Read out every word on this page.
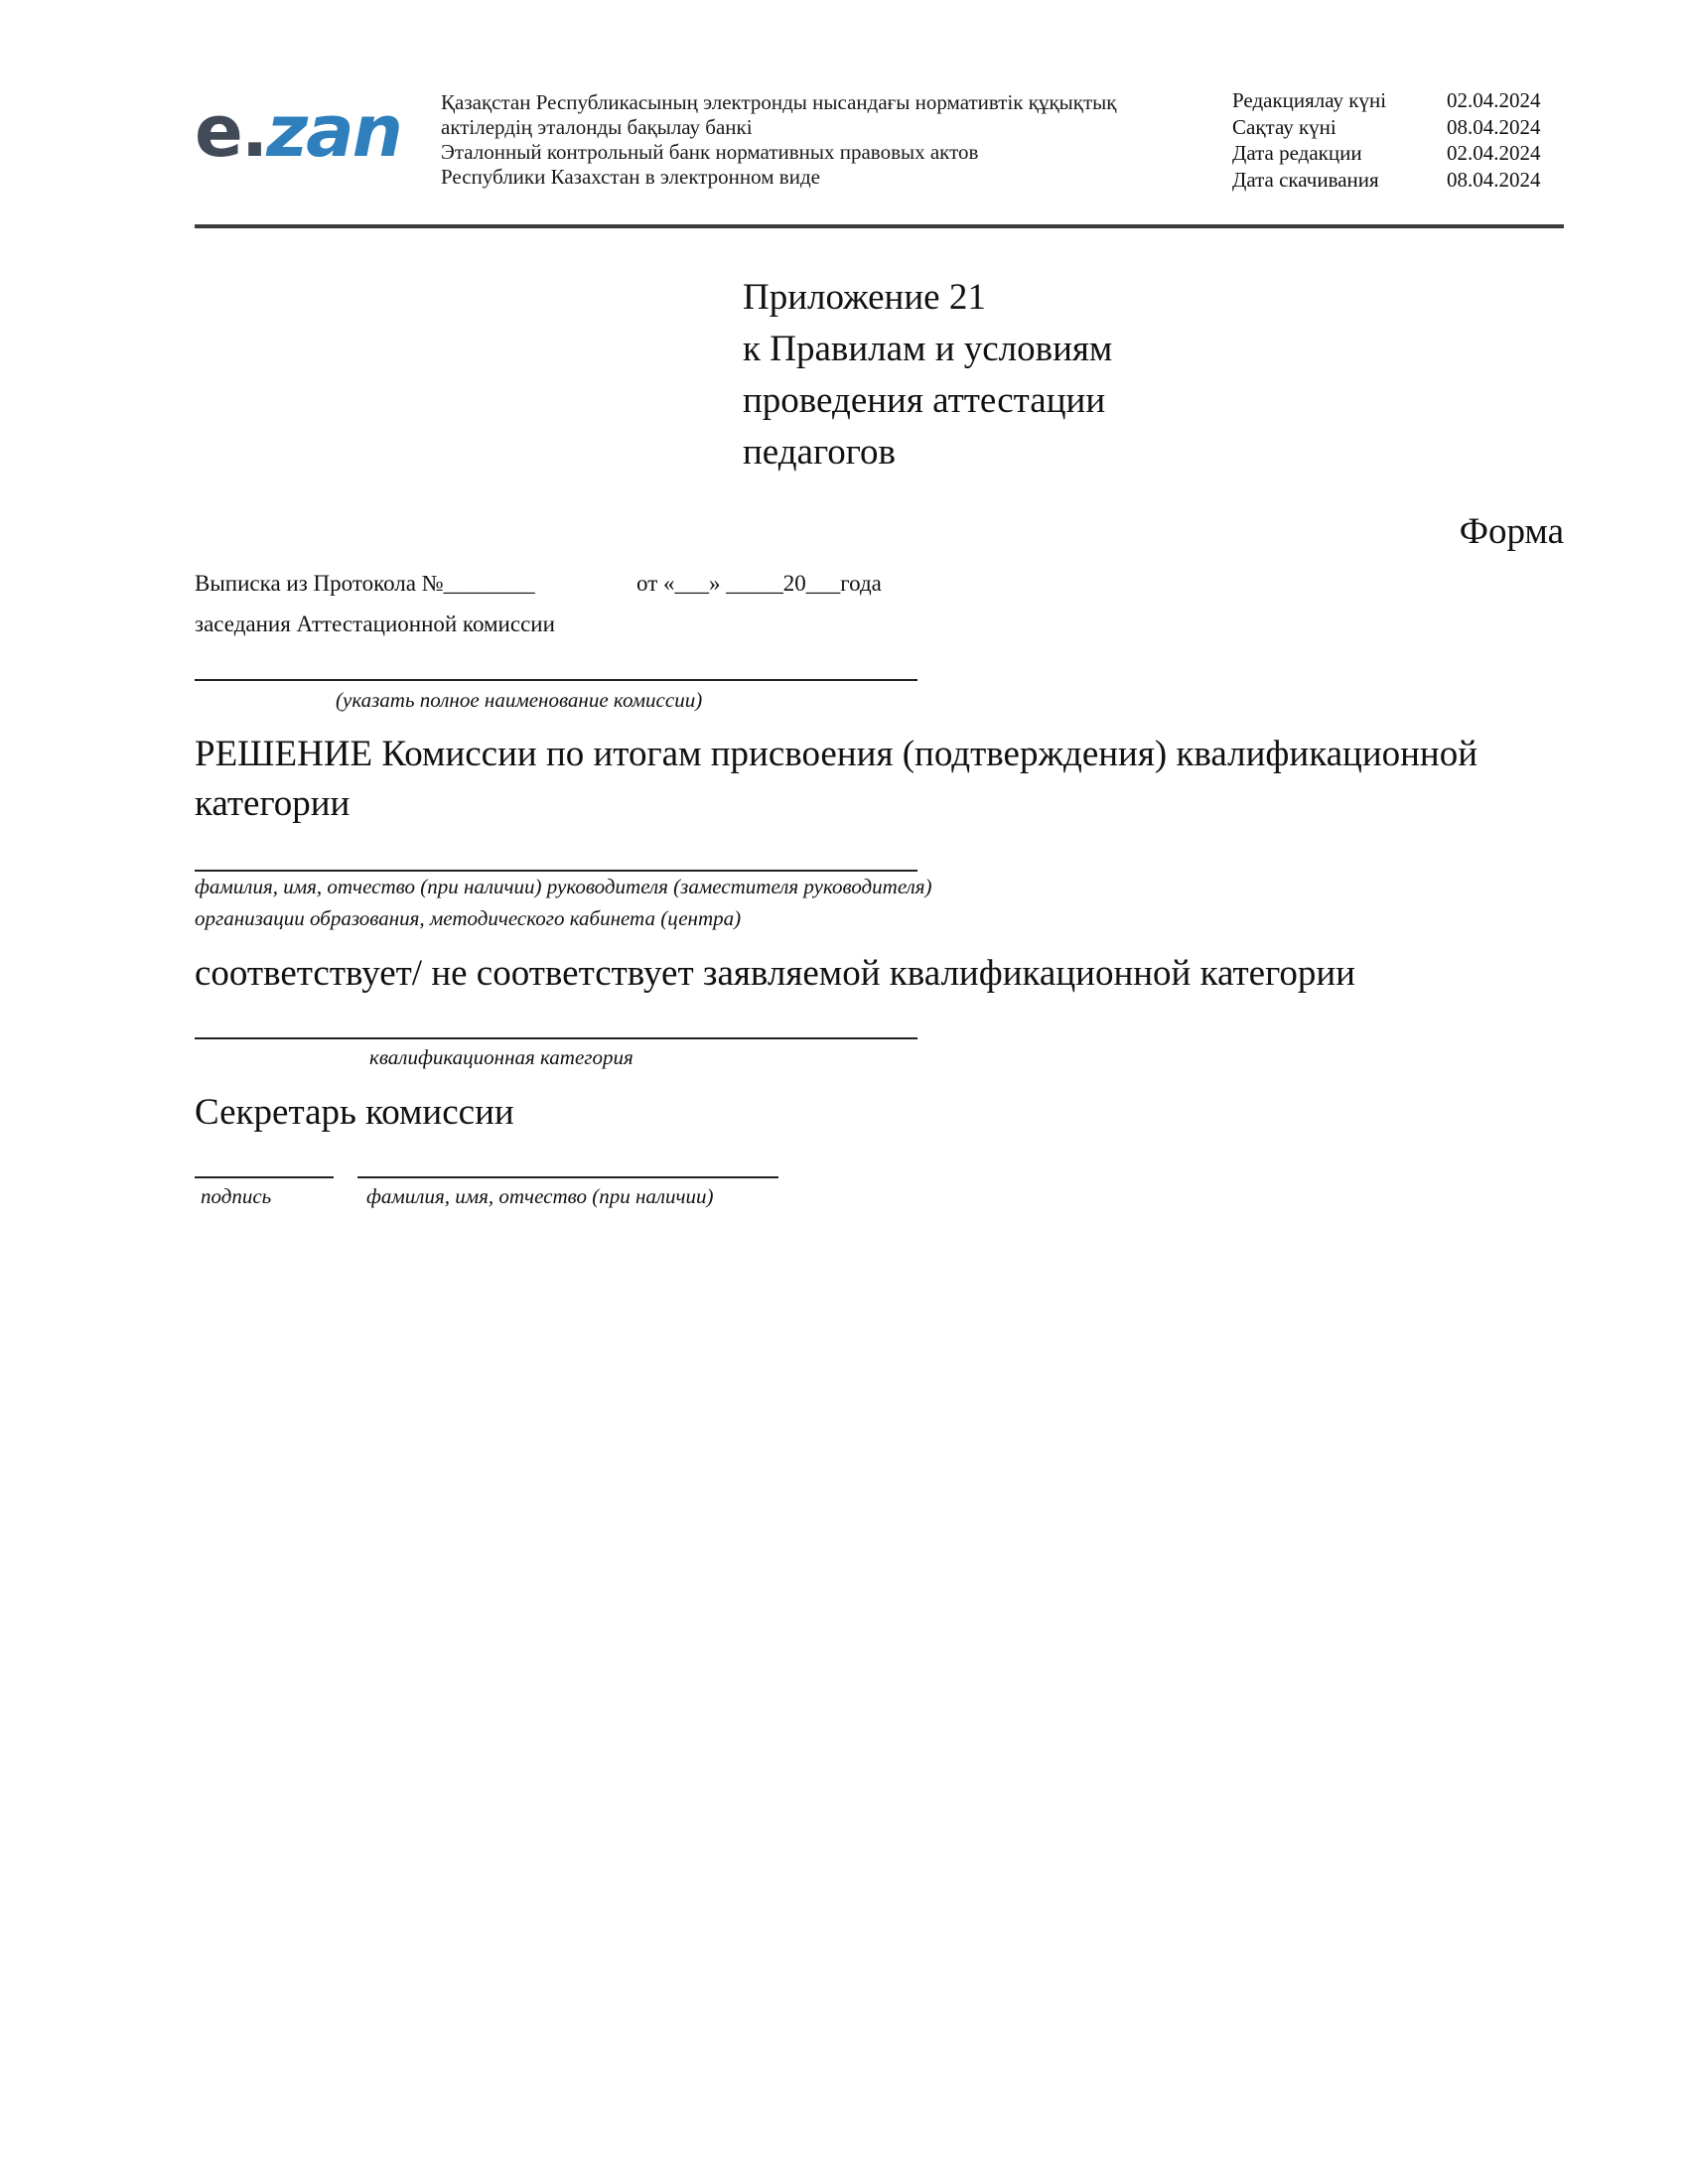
e.zan Қазақстан Республикасының электронды нысандағы нормативтік құқықтық
актілердің эталонды бақылау банкі
Эталонный контрольный банк нормативных правовых актов
Республики Казахстан в электронном виде
Редакциялау күні	02.04.2024
Сақтау күні	08.04.2024
Дата редакции	02.04.2024
Дата скачивания	08.04.2024
Приложение 21
к Правилам и условиям
проведения аттестации
педагогов
Форма
Выписка из Протокола №________	от «___» _____20___года
заседания Аттестационной комиссии
(указать полное наименование комиссии)
РЕШЕНИЕ Комиссии по итогам присвоения (подтверждения) квалификационной категории
фамилия, имя, отчество (при наличии) руководителя (заместителя руководителя)
организации образования, методического кабинета (центра)
соответствует/ не соответствует заявляемой квалификационной категории
квалификационная категория
Секретарь комиссии
подпись	фамилия, имя, отчество (при наличии)
